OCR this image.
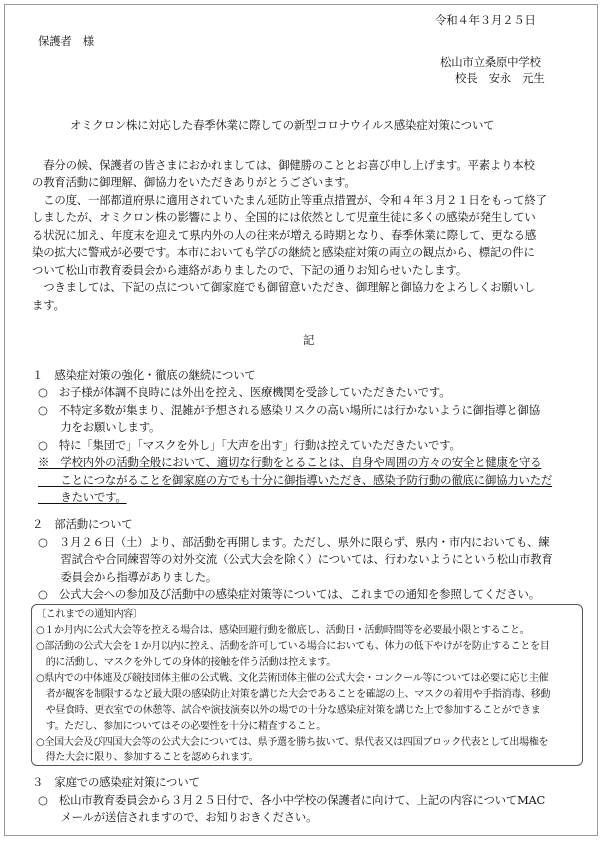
令和４年３月２５日
保護者　様
松山市立桑原中学校
校長　安永　元生
オミクロン株に対応した春季休業に際しての新型コロナウイルス感染症対策について
　春分の候、保護者の皆さまにおかれましては、御健勝のこととお喜び申し上げます。平素より本校
の教育活動に御理解、御協力をいただきありがとうございます。
　この度、一部都道府県に適用されていたまん延防止等重点措置が、令和４年３月２１日をもって終了
しましたが、オミクロン株の影響により、全国的には依然として児童生徒に多くの感染が発生してい
る状況に加え、年度末を迎えて県内外の人の往来が増える時期となり、春季休業に際して、更なる感
染の拡大に警戒が必要です。本市においても学びの継続と感染症対策の両立の観点から、標記の件に
ついて松山市教育委員会から連絡がありましたので、下記の通りお知らせいたします。
　つきましては、下記の点について御家庭でも御留意いただき、御理解と御協力をよろしくお願いし
ます。
記
１　感染症対策の強化・徹底の継続について
○　お子様が体調不良時には外出を控え、医療機関を受診していただきたいです。
○　不特定多数が集まり、混雑が予想される感染リスクの高い場所には行かないように御指導と御協
　　力をお願いします。
○　特に「集団で」「マスクを外し」「大声を出す」行動は控えていただきたいです。
※　学校内外の活動全般において、適切な行動をとることは、自身や周囲の方々の安全と健康を守る
　　ことにつながることを御家庭の方でも十分に御指導いただき、感染予防行動の徹底に御協力いただ
　　きたいです。
２　部活動について
○　３月２６日（土）より、部活動を再開します。ただし、県外に限らず、県内・市内においても、練
　　習試合や合同練習等の対外交流（公式大会を除く）については、行わないようにという松山市教育
　　委員会から指導がありました。
○　公式大会への参加及び活動中の感染症対策等については、これまでの通知を参照してください。
〔これまでの通知内容〕
○１か月内に公式大会等を控える場合は、感染回避行動を徹底し、活動日・活動時間等を必要最小限とすること。
○部活動の公式大会を１か月以内に控え、活動を許可している場合においても、体力の低下やけがを防止することを目
　的に活動し、マスクを外しての身体的接触を伴う活動は控えます。
○県内での中体連及び競技団体主催の公式戦、文化芸術団体主催の公式大会・コンクール等については必要に応じ主催
　者が観客を制限するなど最大限の感染防止対策を講じた大会であることを確認の上、マスクの着用や手指消毒、移動
　や昼食時、更衣室での休憩等、試合や演技演奏以外の場での十分な感染症対策を講じた上で参加することができま
　す。ただし、参加についてはその必要性を十分に精査すること。
○全国大会及び四国大会等の公式大会については、県予選を勝ち抜いて、県代表又は四国ブロック代表として出場権を
　得た大会に限り、参加することを認められます。
３　家庭での感染症対策について
○　松山市教育委員会から３月２５日付で、各小中学校の保護者に向けて、上記の内容についてMAC
　　メールが送信されますので、お知りおきください。
